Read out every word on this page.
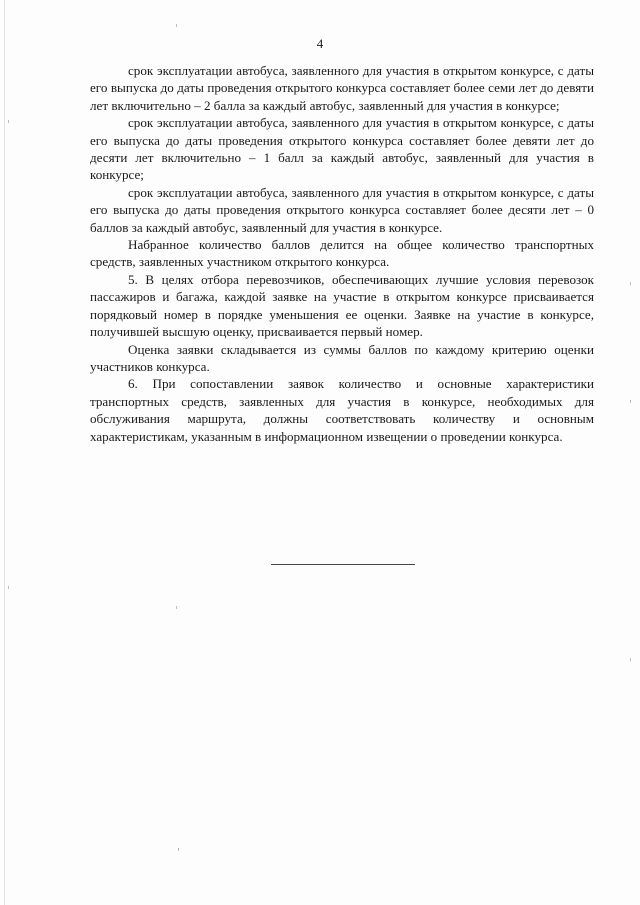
4

срок эксплуатации автобуса, заявленного для участия в открытом конкурсе, с даты его выпуска до даты проведения открытого конкурса составляет более семи лет до девяти лет включительно – 2 балла за каждый автобус, заявленный для участия в конкурсе;

срок эксплуатации автобуса, заявленного для участия в открытом конкурсе, с даты его выпуска до даты проведения открытого конкурса составляет более девяти лет до десяти лет включительно – 1 балл за каждый автобус, заявленный для участия в конкурсе;

срок эксплуатации автобуса, заявленного для участия в открытом конкурсе, с даты его выпуска до даты проведения открытого конкурса составляет более десяти лет – 0 баллов за каждый автобус, заявленный для участия в конкурсе.

Набранное количество баллов делится на общее количество транспортных средств, заявленных участником открытого конкурса.

5. В целях отбора перевозчиков, обеспечивающих лучшие условия перевозок пассажиров и багажа, каждой заявке на участие в открытом конкурсе присваивается порядковый номер в порядке уменьшения ее оценки. Заявке на участие в конкурсе, получившей высшую оценку, присваивается первый номер.

Оценка заявки складывается из суммы баллов по каждому критерию оценки участников конкурса.

6. При сопоставлении заявок количество и основные характеристики транспортных средств, заявленных для участия в конкурсе, необходимых для обслуживания маршрута, должны соответствовать количеству и основным характеристикам, указанным в информационном извещении о проведении конкурса.
